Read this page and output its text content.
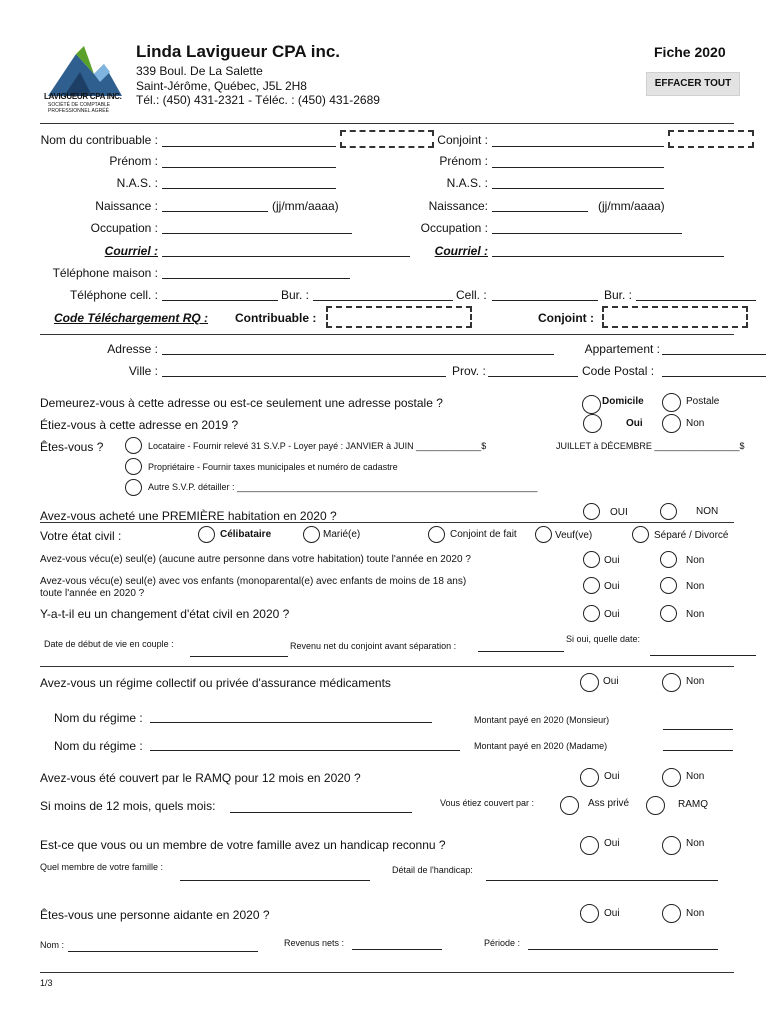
LAVIGUEUR CPA INC.
SOCIÉTÉ DE COMPTABLE
PROFESSIONNEL AGRÉÉ
Linda Lavigueur CPA inc.
339 Boul. De La Salette
Saint-Jérôme, Québec, J5L 2H8
Tél.: (450) 431-2321 - Téléc. : (450) 431-2689
Fiche 2020
EFFACER TOUT
Nom du contribuable :	Conjoint :
Prénom :	Prénom :
N.A.S. :	N.A.S. :
Naissance :	(jj/mm/aaaa)	Naissance:	(jj/mm/aaaa)
Occupation :	Occupation :
Courriel :	Courriel :
Téléphone maison :
Téléphone cell. :	Bur. :	Cell. :	Bur. :
Code Téléchargement RQ : Contribuable :	Conjoint :
Adresse :	Appartement :
Ville :	Prov. :	Code Postal :
Demeurez-vous à cette adresse ou est-ce seulement une adresse postale ?	Domicile	Postale
Étiez-vous à cette adresse en 2019 ?	Oui	Non
Êtes-vous ?	Locataire - Fournir relevé 31 S.V.P - Loyer payé : JANVIER à JUIN _____________$	JUILLET à DÉCEMBRE _________________$
Propriétaire - Fournir taxes municipales et numéro de cadastre
Autre S.V.P. détailler : ____________________________________________________________
Avez-vous acheté une PREMIÈRE habitation en 2020 ?	OUI	NON
Votre état civil :	Célibataire	Marié(e)	Conjoint de fait	Veuf(ve)	Séparé / Divorcé
Avez-vous vécu(e) seul(e) (aucune autre personne dans votre habitation) toute l'année en 2020 ?	Oui	Non
Avez-vous vécu(e) seul(e) avec vos enfants (monoparental(e) avec enfants de moins de 18 ans)
toute l'année en 2020 ?
Oui	Non
Y-a-t-il eu un changement d'état civil en 2020 ?	Oui	Non
Date de début de vie en couple :	Revenu net du conjoint avant séparation :
Si oui, quelle date:
Avez-vous un régime collectif ou privée d'assurance médicaments	Oui	Non
Nom du régime :	Montant payé en 2020 (Monsieur)
Nom du régime :	Montant payé en 2020 (Madame)
Avez-vous été couvert par le RAMQ pour 12 mois en 2020 ?	Oui	Non
Si moins de 12 mois, quels mois:	Vous étiez couvert par :	Ass privé	RAMQ
Est-ce que vous ou un membre de votre famille avez un handicap reconnu ?	Oui	Non
Quel membre de votre famille :	Détail de l'handicap:
Êtes-vous une personne aidante en 2020 ?	Oui	Non
Nom :	Revenus nets :	Période :
1/3
